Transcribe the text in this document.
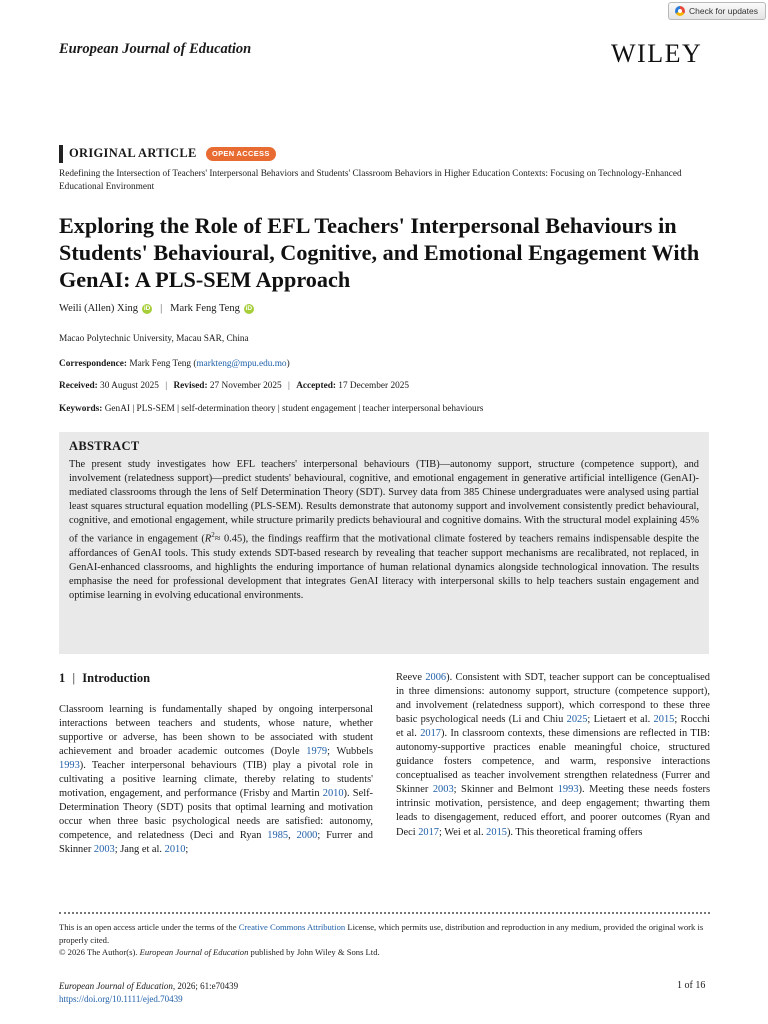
Check for updates
European Journal of Education	WILEY
ORIGINAL ARTICLE	OPEN ACCESS
Redefining the Intersection of Teachers' Interpersonal Behaviors and Students' Classroom Behaviors in Higher Education Contexts: Focusing on Technology-Enhanced Educational Environment
Exploring the Role of EFL Teachers' Interpersonal Behaviours in Students' Behavioural, Cognitive, and Emotional Engagement With GenAI: A PLS-SEM Approach
Weili (Allen) Xing iD | Mark Feng Teng iD
Macao Polytechnic University, Macau SAR, China
Correspondence: Mark Feng Teng (markteng@mpu.edu.mo)
Received: 30 August 2025 | Revised: 27 November 2025 | Accepted: 17 December 2025
Keywords: GenAI | PLS-SEM | self-determination theory | student engagement | teacher interpersonal behaviours
ABSTRACT
The present study investigates how EFL teachers' interpersonal behaviours (TIB)—autonomy support, structure (competence support), and involvement (relatedness support)—predict students' behavioural, cognitive, and emotional engagement in generative artificial intelligence (GenAI)-mediated classrooms through the lens of Self Determination Theory (SDT). Survey data from 385 Chinese undergraduates were analysed using partial least squares structural equation modelling (PLS-SEM). Results demonstrate that autonomy support and involvement consistently predict behavioural, cognitive, and emotional engagement, while structure primarily predicts behavioural and cognitive domains. With the structural model explaining 45% of the variance in engagement $(R^2\approx 0.45)$, the findings reaffirm that the motivational climate fostered by teachers remains indispensable despite the affordances of GenAI tools. This study extends SDT-based research by revealing that teacher support mechanisms are recalibrated, not replaced, in GenAI-enhanced classrooms, and highlights the enduring importance of human relational dynamics alongside technological innovation. The results emphasise the need for professional development that integrates GenAI literacy with interpersonal skills to help teachers sustain engagement and optimise learning in evolving educational environments.
1 | Introduction
Classroom learning is fundamentally shaped by ongoing interpersonal interactions between teachers and students, whose nature, whether supportive or adverse, has been shown to be associated with student achievement and broader academic outcomes (Doyle 1979; Wubbels 1993). Teacher interpersonal behaviours (TIB) play a pivotal role in cultivating a positive learning climate, thereby relating to students' motivation, engagement, and performance (Frisby and Martin 2010). Self-Determination Theory (SDT) posits that optimal learning and motivation occur when three basic psychological needs are satisfied: autonomy, competence, and relatedness (Deci and Ryan 1985, 2000; Furrer and Skinner 2003; Jang et al. 2010;
Reeve 2006). Consistent with SDT, teacher support can be conceptualised in three dimensions: autonomy support, structure (competence support), and involvement (relatedness support), which correspond to these three basic psychological needs (Li and Chiu 2025; Lietaert et al. 2015; Rocchi et al. 2017). In classroom contexts, these dimensions are reflected in TIB: autonomy-supportive practices enable meaningful choice, structured guidance fosters competence, and warm, responsive interactions conceptualised as teacher involvement strengthen relatedness (Furrer and Skinner 2003; Skinner and Belmont 1993). Meeting these needs fosters intrinsic motivation, persistence, and deep engagement; thwarting them leads to disengagement, reduced effort, and poorer outcomes (Ryan and Deci 2017; Wei et al. 2015). This theoretical framing offers
This is an open access article under the terms of the Creative Commons Attribution License, which permits use, distribution and reproduction in any medium, provided the original work is properly cited.
© 2026 The Author(s). European Journal of Education published by John Wiley & Sons Ltd.
European Journal of Education, 2026; 61:e70439
https://doi.org/10.1111/ejed.70439
1 of 16
